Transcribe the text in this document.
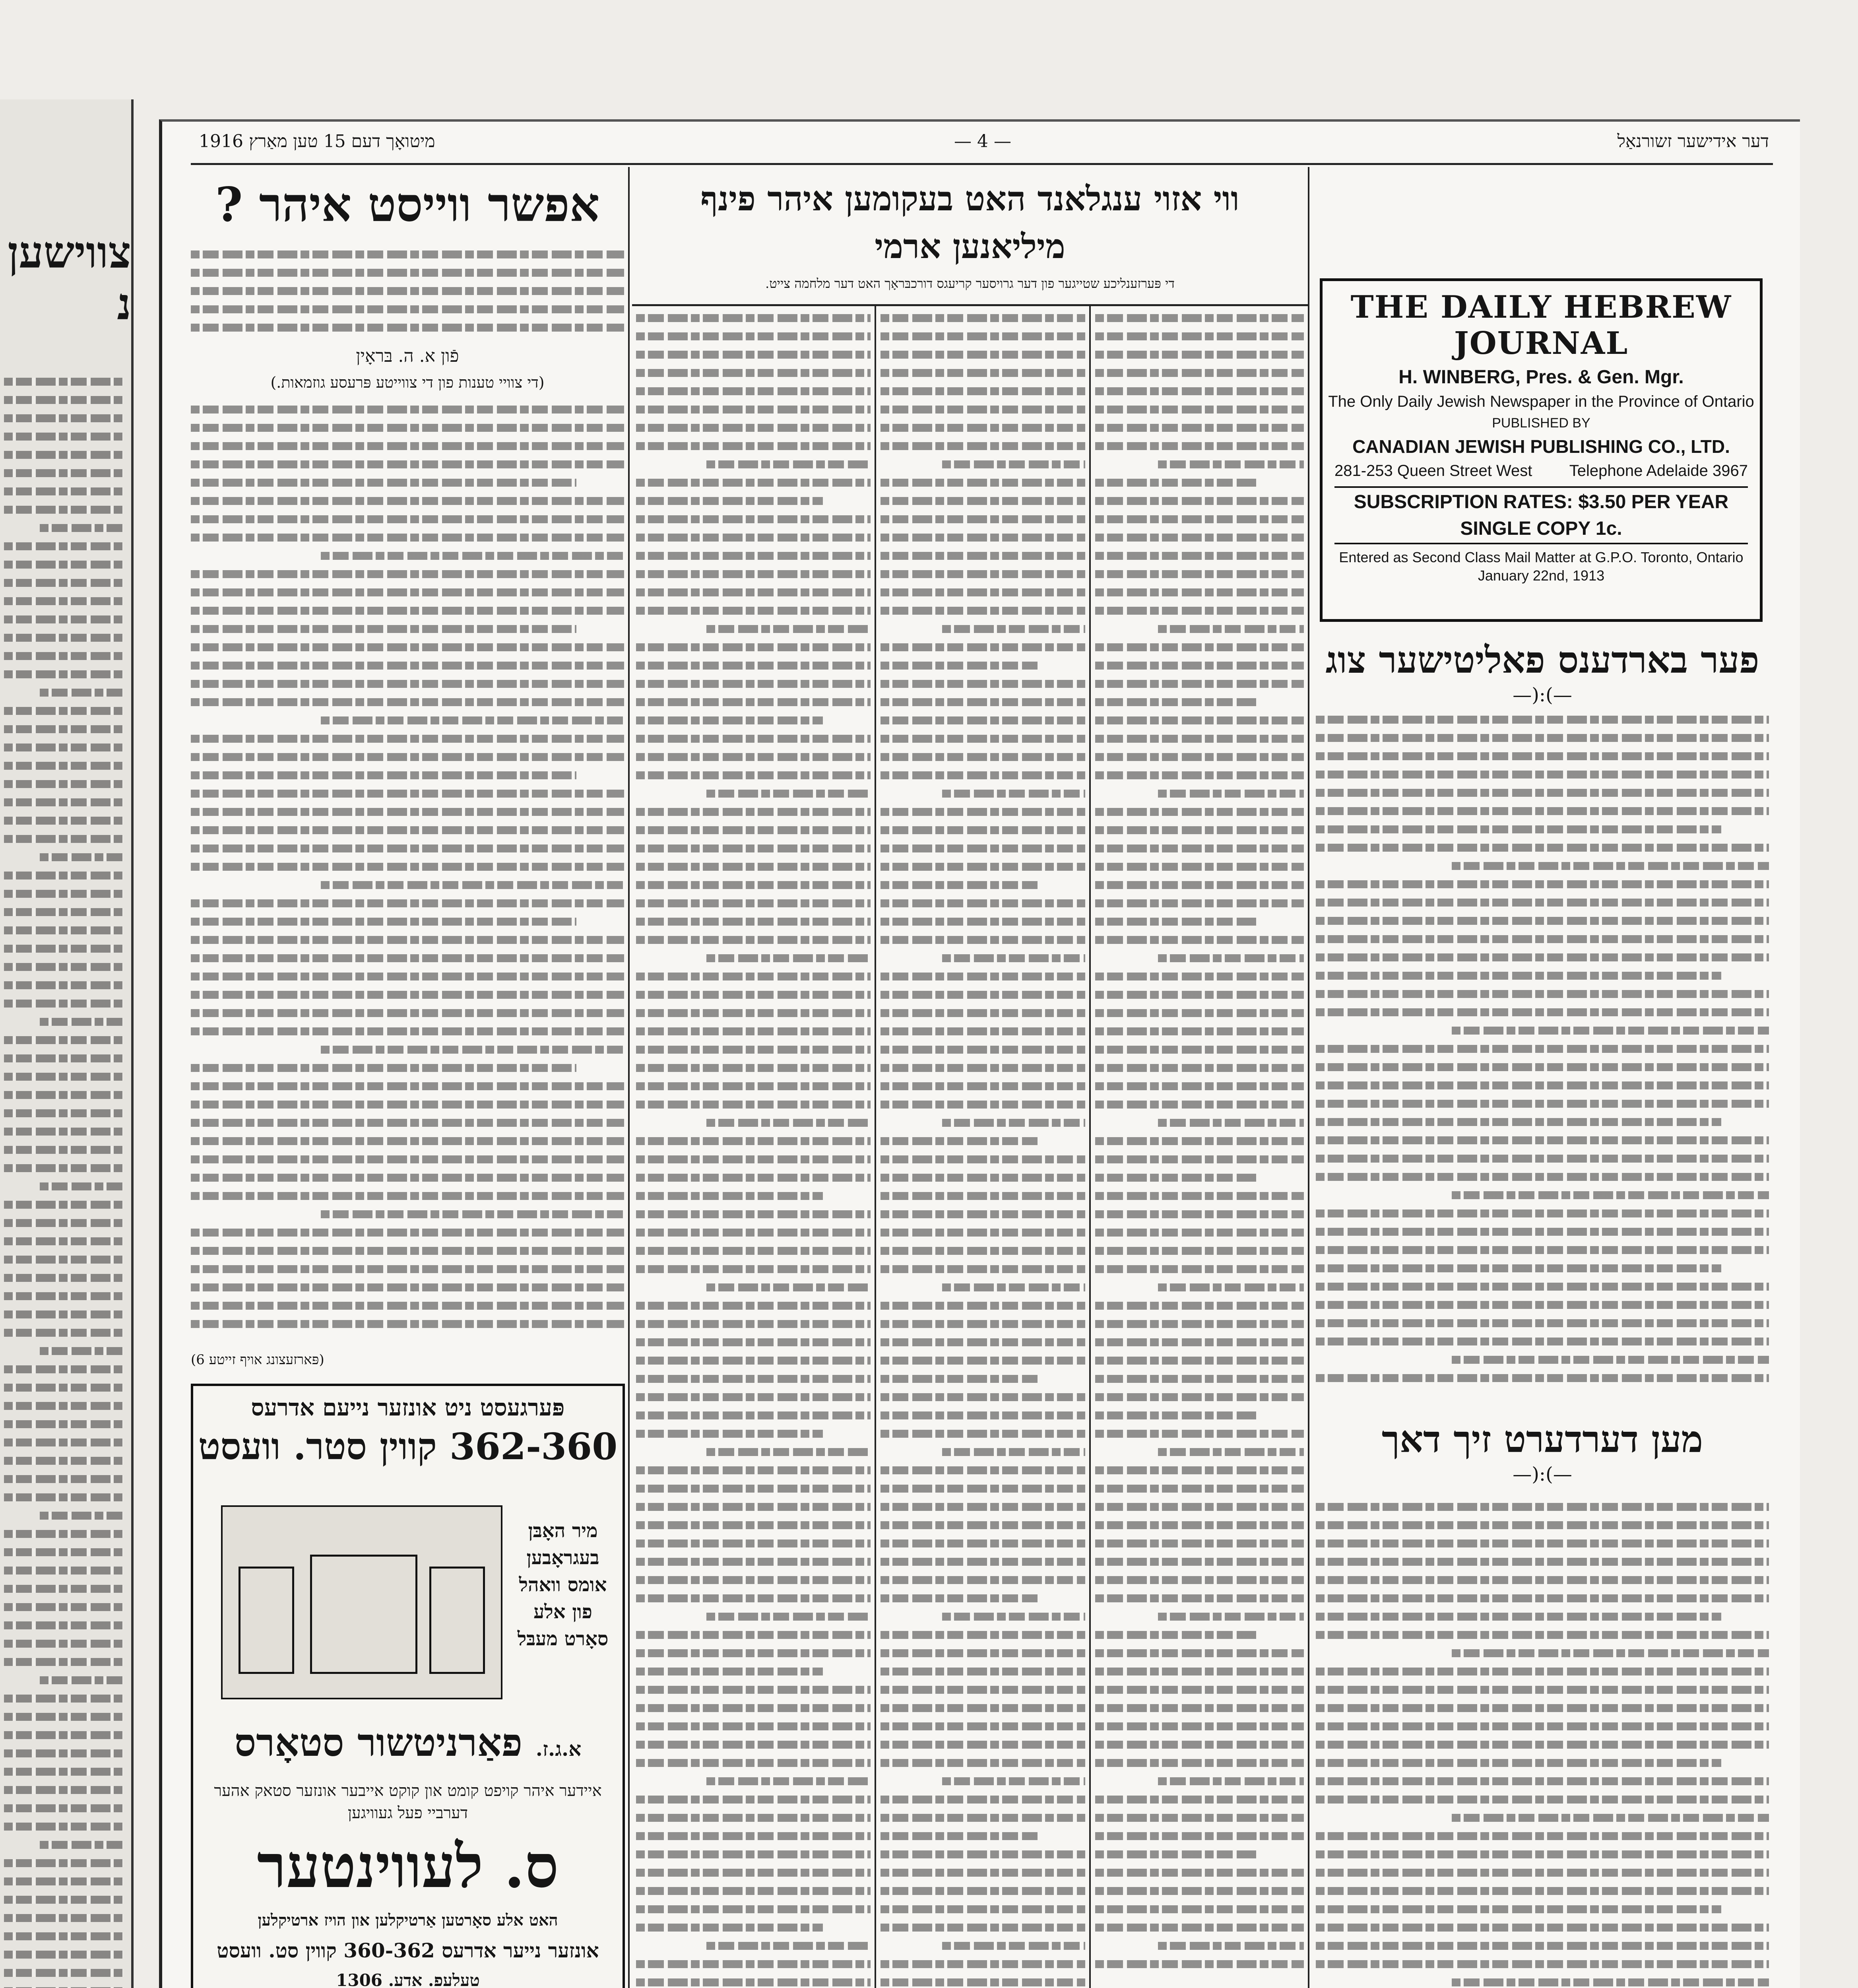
צווישען נ
דער אידישער זשורנאַל
— 4 —
מיטואָך דעם 15 טען מאַרץ 1916
אפשר ווייסט איהר ?
פֿון א. ה. בּראָין
(די צוויי טענות פון די צווייטע פּרעסע גוזמאות.)
(פּארזעצונג אויף זייטע 6)
פּערגעסט ניט אונזער נייעם אדרעס
362-360 קווין סטר. וועסט
מיר האָבּן בעגראָבען אומס וואהל פון אלע סאָרט מעבּל
א.ג.ז. פאַרניטשור סטאָרס
איידער איהר קויפט קומט און קוקט אייבער אונזער סטאק אהער דערביי פעל געוויגען
ס. לעווינטער
האט אלע סאָרטען אַרטיקלען און הויז ארטיקלען
אונזער נייער אדרעס 360-362 קווין סט. וועסט
טעלעפ. אדע. 1306
ווי אזוי ענגלאנד האט בעקומען איהר פינף
מיליאנען ארמי
די פּערזענליכע שטייגער פון דער גרויסער קריעגס דורכבּראָך האט דער מלחמה צייט.
THE DAILY HEBREW JOURNAL
H. WINBERG, Pres. & Gen. Mgr.
The Only Daily Jewish Newspaper in the Province of Ontario
PUBLISHED BY
CANADIAN JEWISH PUBLISHING CO., LTD.
281-253 Queen Street West Telephone Adelaide 3967
SUBSCRIPTION RATES: $3.50 PER YEAR
SINGLE COPY 1c.
Entered as Second Class Mail Matter at G.P.O. Toronto, Ontario
January 22nd, 1913
פער בארדענס פאליטישער צוג
—):(—
מען דערדערט זיך דאך
—):(—
